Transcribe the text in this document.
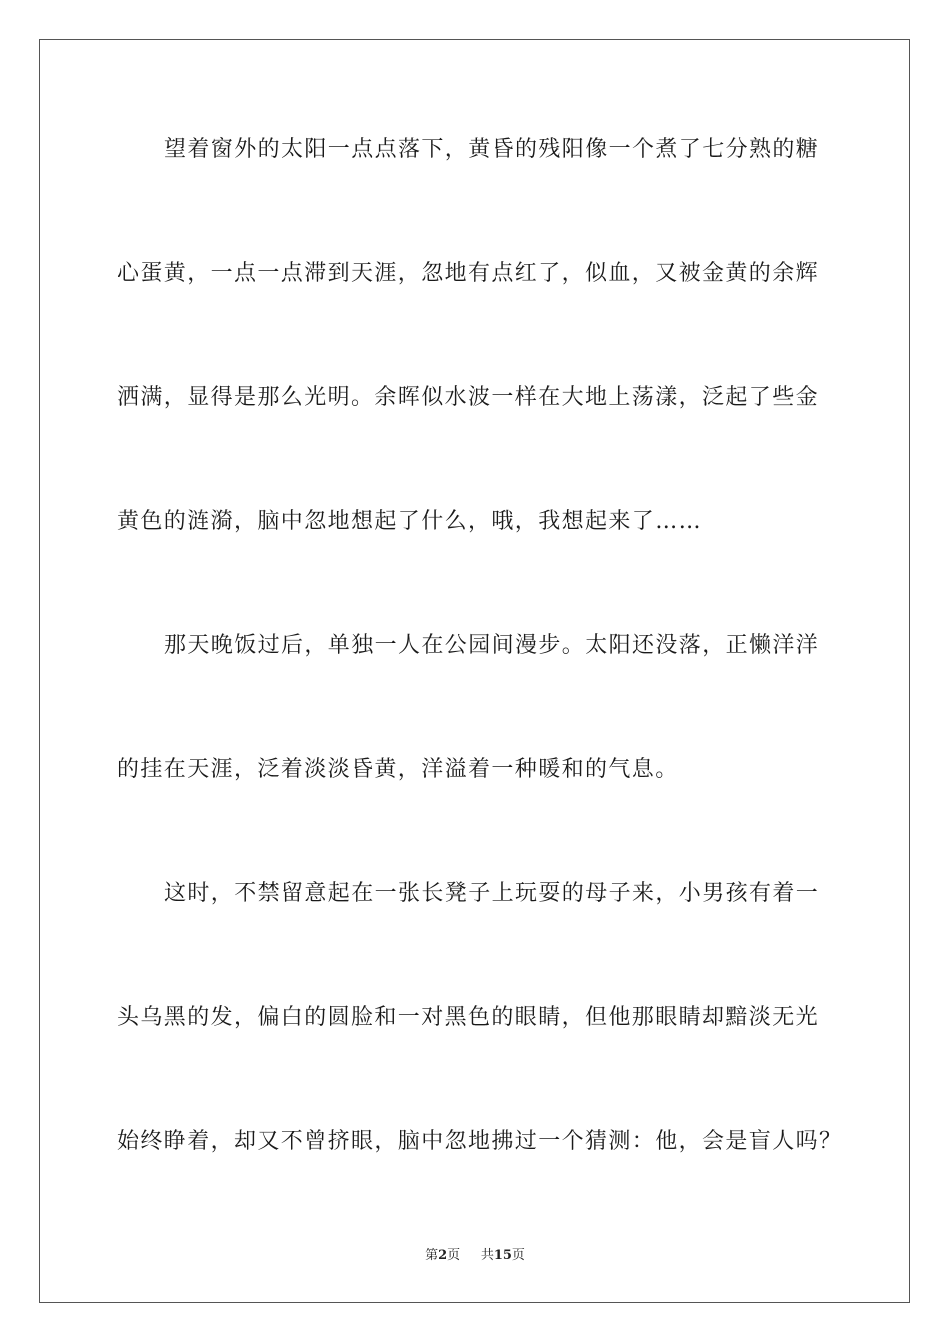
望着窗外的太阳一点点落下，黄昏的残阳像一个煮了七分熟的糖
心蛋黄，一点一点滞到天涯，忽地有点红了，似血，又被金黄的余辉
洒满，显得是那么光明。余晖似水波一样在大地上荡漾，泛起了些金
黄色的涟漪，脑中忽地想起了什么，哦，我想起来了……
那天晚饭过后，单独一人在公园间漫步。太阳还没落，正懒洋洋
的挂在天涯，泛着淡淡昏黄，洋溢着一种暖和的气息。
这时，不禁留意起在一张长凳子上玩耍的母子来，小男孩有着一
头乌黑的发，偏白的圆脸和一对黑色的眼睛，但他那眼睛却黯淡无光
始终睁着，却又不曾挤眼，脑中忽地拂过一个猜测：他，会是盲人吗？
第2页 共15页
